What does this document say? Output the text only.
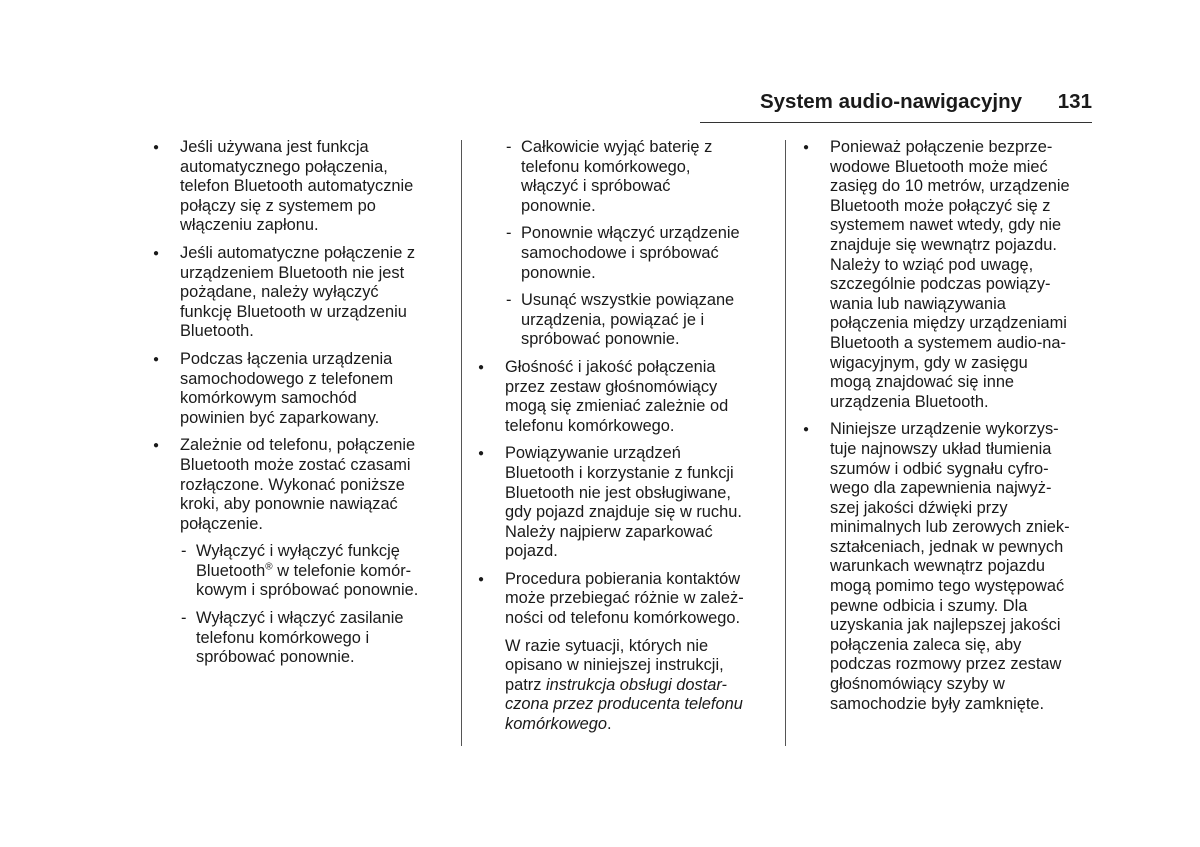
System audio-nawigacyjny 131
● Jeśli używana jest funkcja
automatycznego połączenia,
telefon Bluetooth automatycznie
połączy się z systemem po
włączeniu zapłonu.
● Jeśli automatyczne połączenie z
urządzeniem Bluetooth nie jest
pożądane, należy wyłączyć
funkcję Bluetooth w urządzeniu
Bluetooth.
● Podczas łączenia urządzenia
samochodowego z telefonem
komórkowym samochód
powinien być zaparkowany.
● Zależnie od telefonu, połączenie
Bluetooth może zostać czasami
rozłączone. Wykonać poniższe
kroki, aby ponownie nawiązać
połączenie.
- Wyłączyć i wyłączyć funkcję
Bluetooth® w telefonie komór-
kowym i spróbować ponownie.
- Wyłączyć i włączyć zasilanie
telefonu komórkowego i
spróbować ponownie.
- Całkowicie wyjąć baterię z
telefonu komórkowego,
włączyć i spróbować
ponownie.
- Ponownie włączyć urządzenie
samochodowe i spróbować
ponownie.
- Usunąć wszystkie powiązane
urządzenia, powiązać je i
spróbować ponownie.
● Głośność i jakość połączenia
przez zestaw głośnomówiący
mogą się zmieniać zależnie od
telefonu komórkowego.
● Powiązywanie urządzeń
Bluetooth i korzystanie z funkcji
Bluetooth nie jest obsługiwane,
gdy pojazd znajduje się w ruchu.
Należy najpierw zaparkować
pojazd.
● Procedura pobierania kontaktów
może przebiegać różnie w zależ-
ności od telefonu komórkowego.
W razie sytuacji, których nie
opisano w niniejszej instrukcji,
patrz instrukcja obsługi dostar-
czona przez producenta telefonu
komórkowego.
● Ponieważ połączenie bezprze-
wodowe Bluetooth może mieć
zasięg do 10 metrów, urządzenie
Bluetooth może połączyć się z
systemem nawet wtedy, gdy nie
znajduje się wewnątrz pojazdu.
Należy to wziąć pod uwagę,
szczególnie podczas powiązy-
wania lub nawiązywania
połączenia między urządzeniami
Bluetooth a systemem audio-na-
wigacyjnym, gdy w zasięgu
mogą znajdować się inne
urządzenia Bluetooth.
● Niniejsze urządzenie wykorzys-
tuje najnowszy układ tłumienia
szumów i odbić sygnału cyfro-
wego dla zapewnienia najwyż-
szej jakości dźwięki przy
minimalnych lub zerowych zniek-
ształceniach, jednak w pewnych
warunkach wewnątrz pojazdu
mogą pomimo tego występować
pewne odbicia i szumy. Dla
uzyskania jak najlepszej jakości
połączenia zaleca się, aby
podczas rozmowy przez zestaw
głośnomówiący szyby w
samochodzie były zamknięte.
